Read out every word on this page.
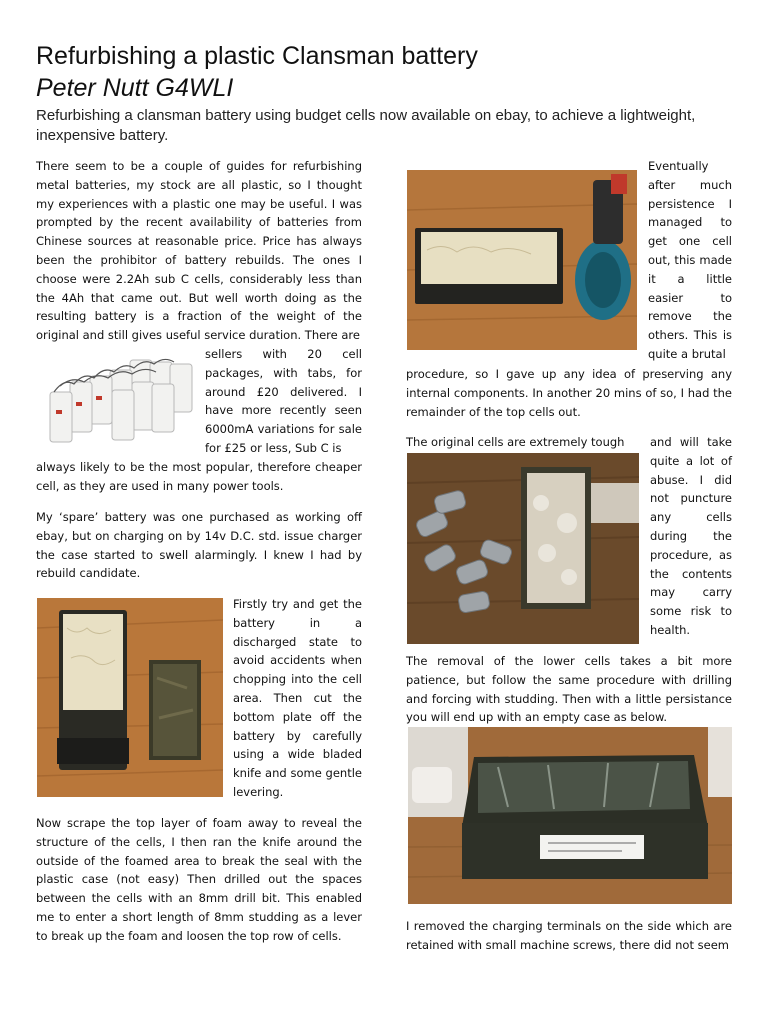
Refurbishing a plastic Clansman battery
Peter Nutt G4WLI
Refurbishing a clansman battery using budget cells now available on ebay, to achieve a lightweight, inexpensive battery.

There seem to be a couple of guides for refurbishing metal batteries, my stock are all plastic, so I thought my experiences with a plastic one may be useful. I was prompted by the recent availability of batteries from Chinese sources at reasonable price. Price has always been the prohibitor of battery rebuilds. The ones I choose were 2.2Ah sub C cells, considerably less than the 4Ah that came out. But well worth doing as the resulting battery is a fraction of the weight of the original and still gives useful service duration. There are

sellers with 20 cell packages, with tabs, for around £20 delivered. I have more recently seen 6000mA variations for sale for £25 or less, Sub C is

always likely to be the most popular, therefore cheaper cell, as they are used in many power tools.

My ‘spare’ battery was one purchased as working off ebay, but on charging on by 14v D.C. std. issue charger the case started to swell alarmingly. I knew I had by rebuild candidate.

Firstly try and get the battery in a discharged state to avoid accidents when chopping into the cell area. Then cut the bottom plate off the battery by carefully using a wide bladed knife and some gentle levering.

Now scrape the top layer of foam away to reveal the structure of the cells, I then ran the knife around the outside of the foamed area to break the seal with the plastic case (not easy) Then drilled out the spaces between the cells with an 8mm drill bit. This enabled me to enter a short length of 8mm studding as a lever to break up the foam and loosen the top row of cells.

Eventually after much persistence I managed to get one cell out, this made it a little easier to remove the others. This is quite a brutal

procedure, so I gave up any idea of preserving any internal components. In another 20 mins of so, I had the remainder of the top cells out.

The original cells are extremely tough	and will take quite a lot of abuse. I did not puncture any cells during the procedure, as the contents may carry some risk to health.

The removal of the lower cells takes a bit more patience, but follow the same procedure with drilling and forcing with studding. Then with a little persistance you will end up with an empty case as below.

I removed the charging terminals on the side which are retained with small machine screws, there did not seem
